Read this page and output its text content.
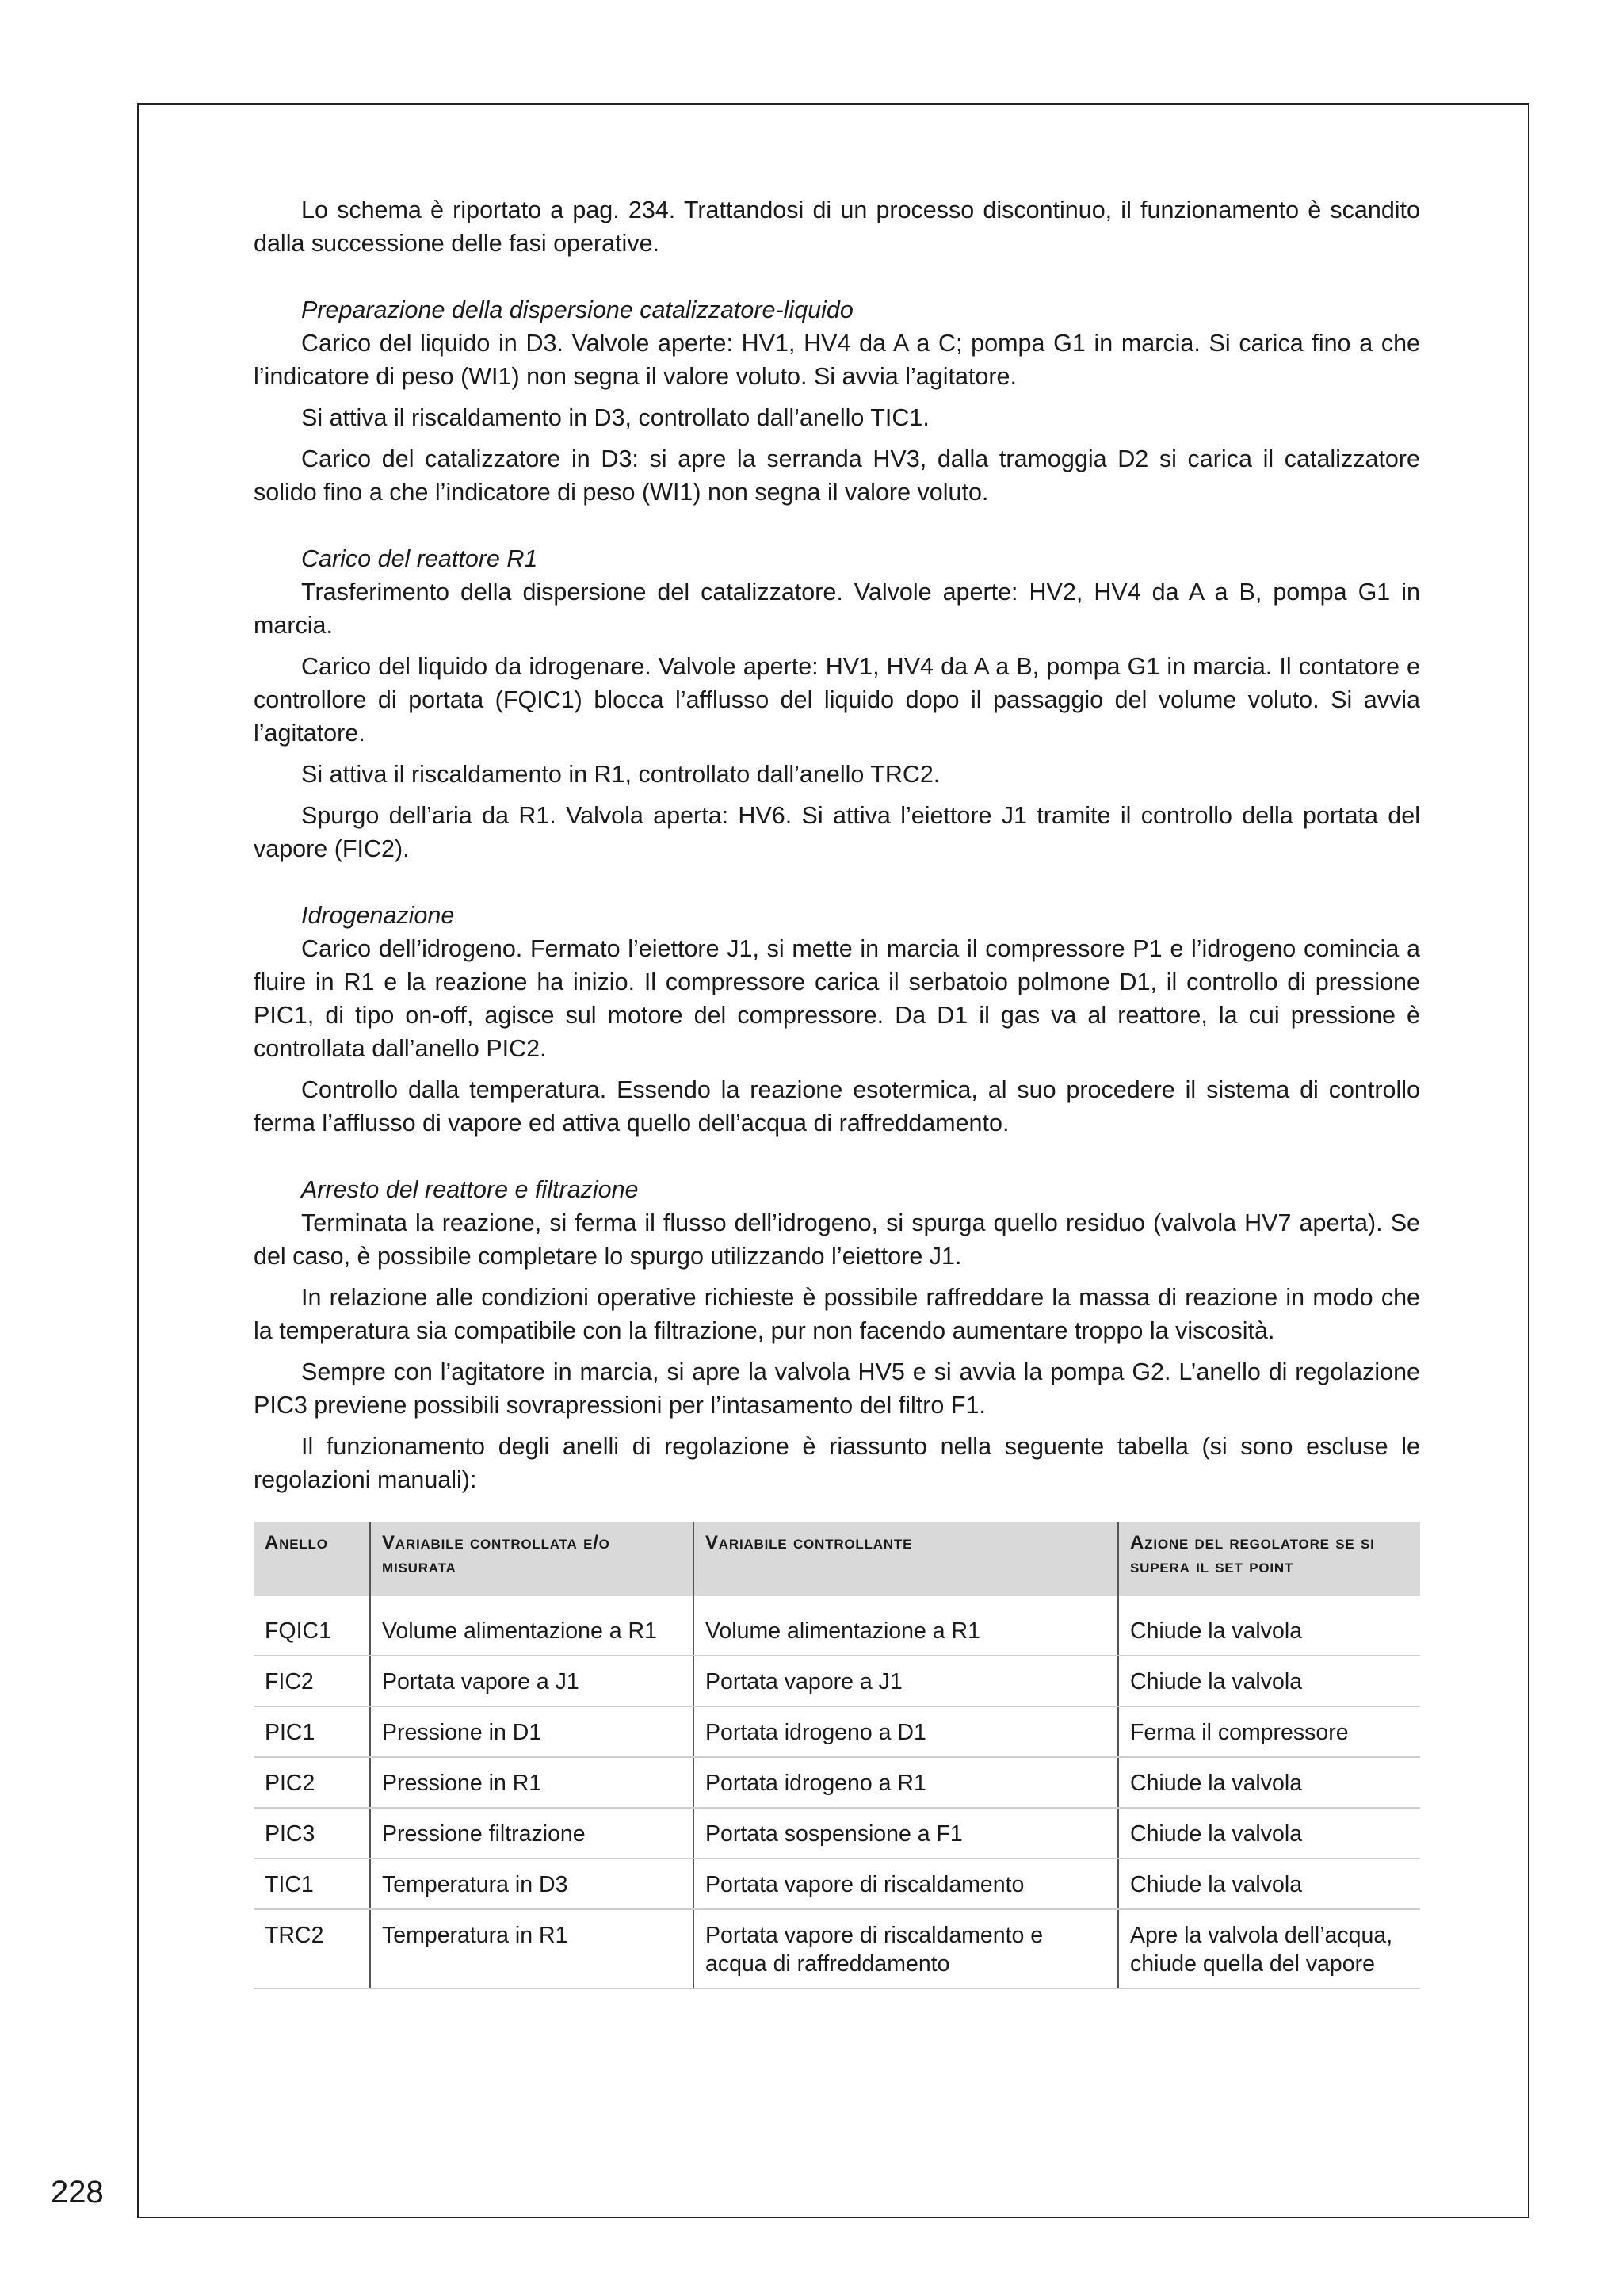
Lo schema è riportato a pag. 234. Trattandosi di un processo discontinuo, il funzionamento è scandito dalla successione delle fasi operative.

Preparazione della dispersione catalizzatore-liquido

Carico del liquido in D3. Valvole aperte: HV1, HV4 da A a C; pompa G1 in marcia. Si carica fino a che l’indicatore di peso (WI1) non segna il valore voluto. Si avvia l’agitatore.

Si attiva il riscaldamento in D3, controllato dall’anello TIC1.

Carico del catalizzatore in D3: si apre la serranda HV3, dalla tramoggia D2 si carica il catalizzatore solido fino a che l’indicatore di peso (WI1) non segna il valore voluto.

Carico del reattore R1

Trasferimento della dispersione del catalizzatore. Valvole aperte: HV2, HV4 da A a B, pompa G1 in marcia.

Carico del liquido da idrogenare. Valvole aperte: HV1, HV4 da A a B, pompa G1 in marcia. Il contatore e controllore di portata (FQIC1) blocca l’afflusso del liquido dopo il passaggio del volume voluto. Si avvia l’agitatore.

Si attiva il riscaldamento in R1, controllato dall’anello TRC2.

Spurgo dell’aria da R1. Valvola aperta: HV6. Si attiva l’eiettore J1 tramite il controllo della portata del vapore (FIC2).

Idrogenazione

Carico dell’idrogeno. Fermato l’eiettore J1, si mette in marcia il compressore P1 e l’idrogeno comincia a fluire in R1 e la reazione ha inizio. Il compressore carica il serbatoio polmone D1, il controllo di pressione PIC1, di tipo on-off, agisce sul motore del compressore. Da D1 il gas va al reattore, la cui pressione è controllata dall’anello PIC2.

Controllo dalla temperatura. Essendo la reazione esotermica, al suo procedere il sistema di controllo ferma l’afflusso di vapore ed attiva quello dell’acqua di raffreddamento.

Arresto del reattore e filtrazione

Terminata la reazione, si ferma il flusso dell’idrogeno, si spurga quello residuo (valvola HV7 aperta). Se del caso, è possibile completare lo spurgo utilizzando l’eiettore J1.

In relazione alle condizioni operative richieste è possibile raffreddare la massa di reazione in modo che la temperatura sia compatibile con la filtrazione, pur non facendo aumentare troppo la viscosità.

Sempre con l’agitatore in marcia, si apre la valvola HV5 e si avvia la pompa G2. L’anello di regolazione PIC3 previene possibili sovrapressioni per l’intasamento del filtro F1.

Il funzionamento degli anelli di regolazione è riassunto nella seguente tabella (si sono escluse le regolazioni manuali):

Anello	Variabile controllata e/o misurata	Variabile controllante	Azione del regolatore se si supera il set point
FQIC1	Volume alimentazione a R1	Volume alimentazione a R1	Chiude la valvola
FIC2	Portata vapore a J1	Portata vapore a J1	Chiude la valvola
PIC1	Pressione in D1	Portata idrogeno a D1	Ferma il compressore
PIC2	Pressione in R1	Portata idrogeno a R1	Chiude la valvola
PIC3	Pressione filtrazione	Portata sospensione a F1	Chiude la valvola
TIC1	Temperatura in D3	Portata vapore di riscaldamento	Chiude la valvola
TRC2	Temperatura in R1	Portata vapore di riscaldamento e acqua di raffreddamento	Apre la valvola dell’acqua, chiude quella del vapore
228
